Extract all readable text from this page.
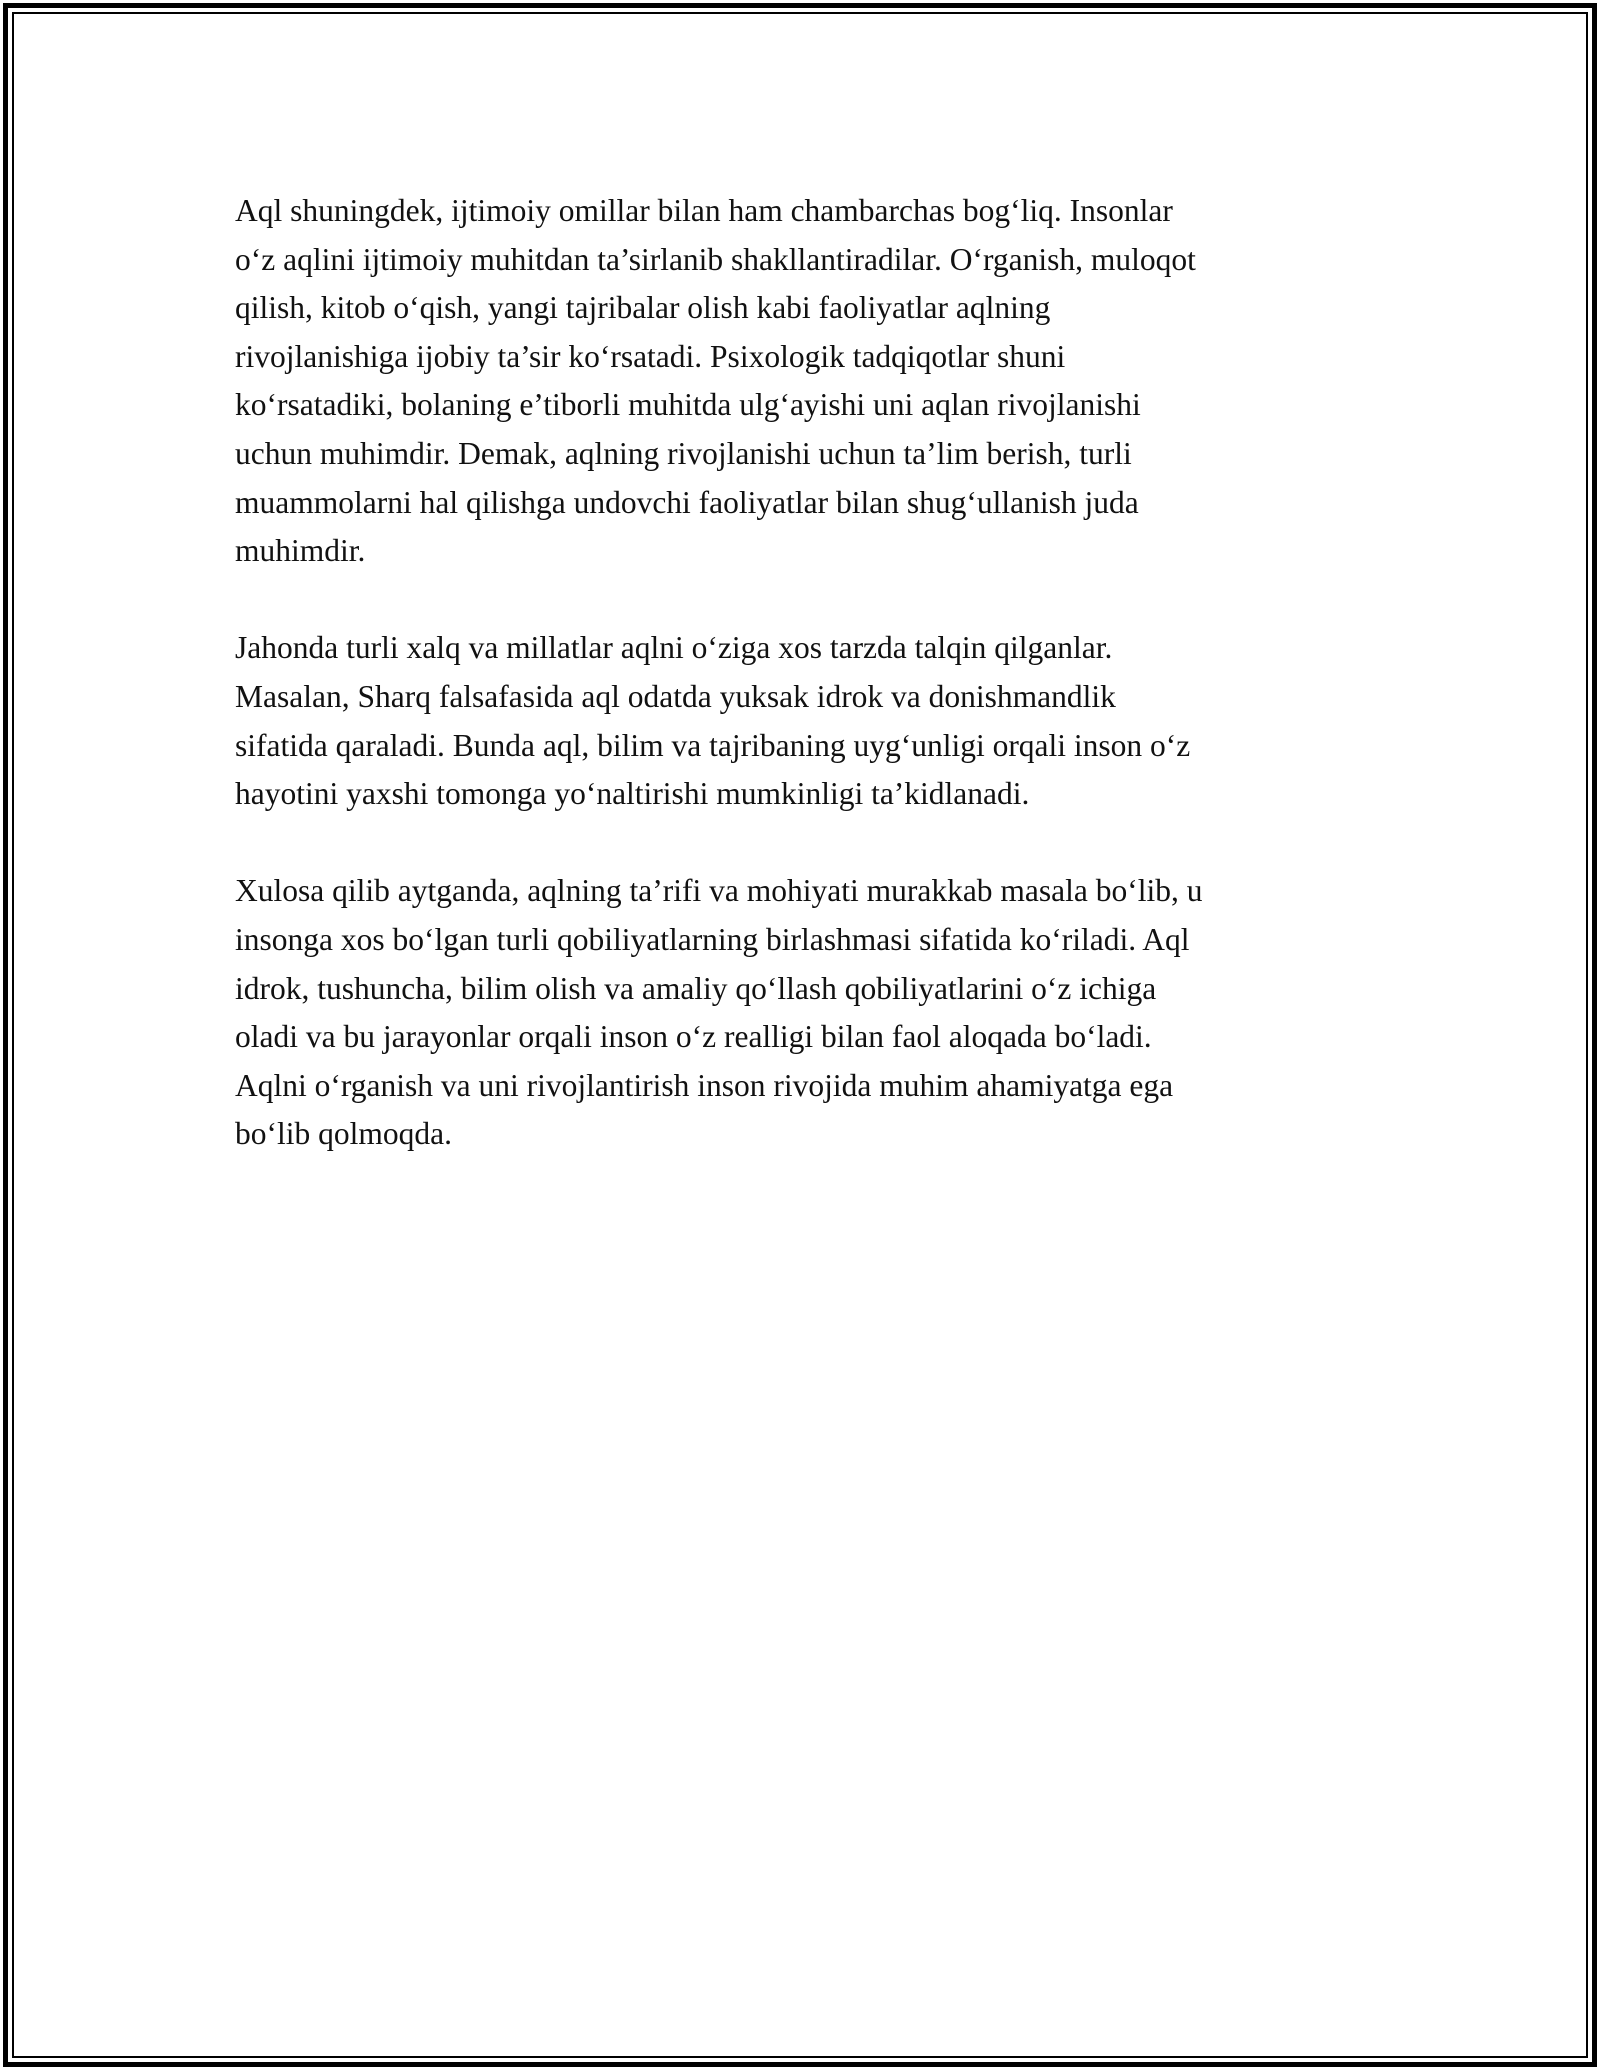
Aql shuningdek, ijtimoiy omillar bilan ham chambarchas bog‘liq. Insonlar
o‘z aqlini ijtimoiy muhitdan ta’sirlanib shakllantiradilar. O‘rganish, muloqot
qilish, kitob o‘qish, yangi tajribalar olish kabi faoliyatlar aqlning
rivojlanishiga ijobiy ta’sir ko‘rsatadi. Psixologik tadqiqotlar shuni
ko‘rsatadiki, bolaning e’tiborli muhitda ulg‘ayishi uni aqlan rivojlanishi
uchun muhimdir. Demak, aqlning rivojlanishi uchun ta’lim berish, turli
muammolarni hal qilishga undovchi faoliyatlar bilan shug‘ullanish juda
muhimdir.

Jahonda turli xalq va millatlar aqlni o‘ziga xos tarzda talqin qilganlar.
Masalan, Sharq falsafasida aql odatda yuksak idrok va donishmandlik
sifatida qaraladi. Bunda aql, bilim va tajribaning uyg‘unligi orqali inson o‘z
hayotini yaxshi tomonga yo‘naltirishi mumkinligi ta’kidlanadi.

Xulosa qilib aytganda, aqlning ta’rifi va mohiyati murakkab masala bo‘lib, u
insonga xos bo‘lgan turli qobiliyatlarning birlashmasi sifatida ko‘riladi. Aql
idrok, tushuncha, bilim olish va amaliy qo‘llash qobiliyatlarini o‘z ichiga
oladi va bu jarayonlar orqali inson o‘z realligi bilan faol aloqada bo‘ladi.
Aqlni o‘rganish va uni rivojlantirish inson rivojida muhim ahamiyatga ega
bo‘lib qolmoqda.
